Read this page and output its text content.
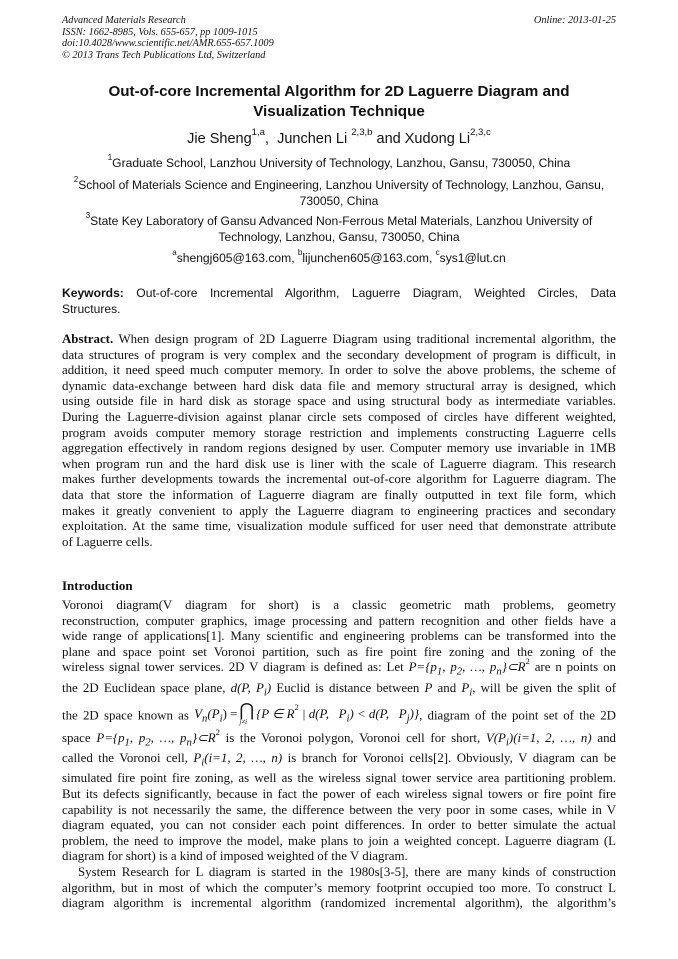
Advanced Materials Research
ISSN: 1662-8985, Vols. 655-657, pp 1009-1015
doi:10.4028/www.scientific.net/AMR.655-657.1009
© 2013 Trans Tech Publications Ltd, Switzerland
Online: 2013-01-25
Out-of-core Incremental Algorithm for 2D Laguerre Diagram and
Visualization Technique
Jie Sheng$^{1,a}$,  Junchen Li $^{2,3,b}$ and Xudong Li$^{2,3,c}$
$^1$Graduate School, Lanzhou University of Technology, Lanzhou, Gansu, 730050, China
$^2$School of Materials Science and Engineering, Lanzhou University of Technology, Lanzhou, Gansu,
730050, China
$^3$State Key Laboratory of Gansu Advanced Non-Ferrous Metal Materials, Lanzhou University of
Technology, Lanzhou, Gansu, 730050, China
$^a$shengj605@163.com, $^b$lijunchen605@163.com, $^c$sys1@lut.cn
Keywords: Out-of-core Incremental Algorithm, Laguerre Diagram, Weighted Circles, Data
Structures.
Abstract. When design program of 2D Laguerre Diagram using traditional incremental algorithm, the
data structures of program is very complex and the secondary development of program is difficult, in
addition, it need speed much computer memory. In order to solve the above problems, the scheme of
dynamic data-exchange between hard disk data file and memory structural array is designed, which
using outside file in hard disk as storage space and using structural body as intermediate variables.
During the Laguerre-division against planar circle sets composed of circles have different weighted,
program avoids computer memory storage restriction and implements constructing Laguerre cells
aggregation effectively in random regions designed by user. Computer memory use invariable in 1MB
when program run and the hard disk use is liner with the scale of Laguerre diagram. This research
makes further developments towards the incremental out-of-core algorithm for Laguerre diagram. The
data that store the information of Laguerre diagram are finally outputted in text file form, which
makes it greatly convenient to apply the Laguerre diagram to engineering practices and secondary
exploitation. At the same time, visualization module sufficed for user need that demonstrate attribute
of Laguerre cells.
Introduction
Voronoi diagram(V diagram for short) is a classic geometric math problems, geometry
reconstruction, computer graphics, image processing and pattern recognition and other fields have a
wide range of applications[1]. Many scientific and engineering problems can be transformed into the
plane and space point set Voronoi partition, such as fire point fire zoning and the zoning of the
wireless signal tower services. 2D V diagram is defined as: Let $P=\{p_1$, $p_2$, …, $p_n\}\subset R^2$ are n points on
the 2D Euclidean space plane, d(P, $P_i$) Euclid is distance between P and $P_i$, will be given the split of
the 2D space known as $V_n(P_i)$ = ⋂
j≠i
{P ∈ $R^2$ | d(P,   $P_i) < d(P$,   $P_j$)}, diagram of the point set of the 2D
space $P=\{p_1$, $p_2$, …, $p_n\}\subset R^2$ is the Voronoi polygon, Voronoi cell for short, $V(P_i)(i=1$, 2, …, n) and
called the Voronoi cell, $P_i(i=1$, 2, …, n) is branch for Voronoi cells[2]. Obviously, V diagram can be
simulated fire point fire zoning, as well as the wireless signal tower service area partitioning problem.
But its defects significantly, because in fact the power of each wireless signal towers or fire point fire
capability is not necessarily the same, the difference between the very poor in some cases, while in V
diagram equated, you can not consider each point differences. In order to better simulate the actual
problem, the need to improve the model, make plans to join a weighted concept. Laguerre diagram (L
diagram for short) is a kind of imposed weighted of the V diagram.
System Research for L diagram is started in the 1980s[3-5], there are many kinds of construction
algorithm, but in most of which the computer’s memory footprint occupied too more. To construct L
diagram algorithm is incremental algorithm (randomized incremental algorithm), the algorithm’s
